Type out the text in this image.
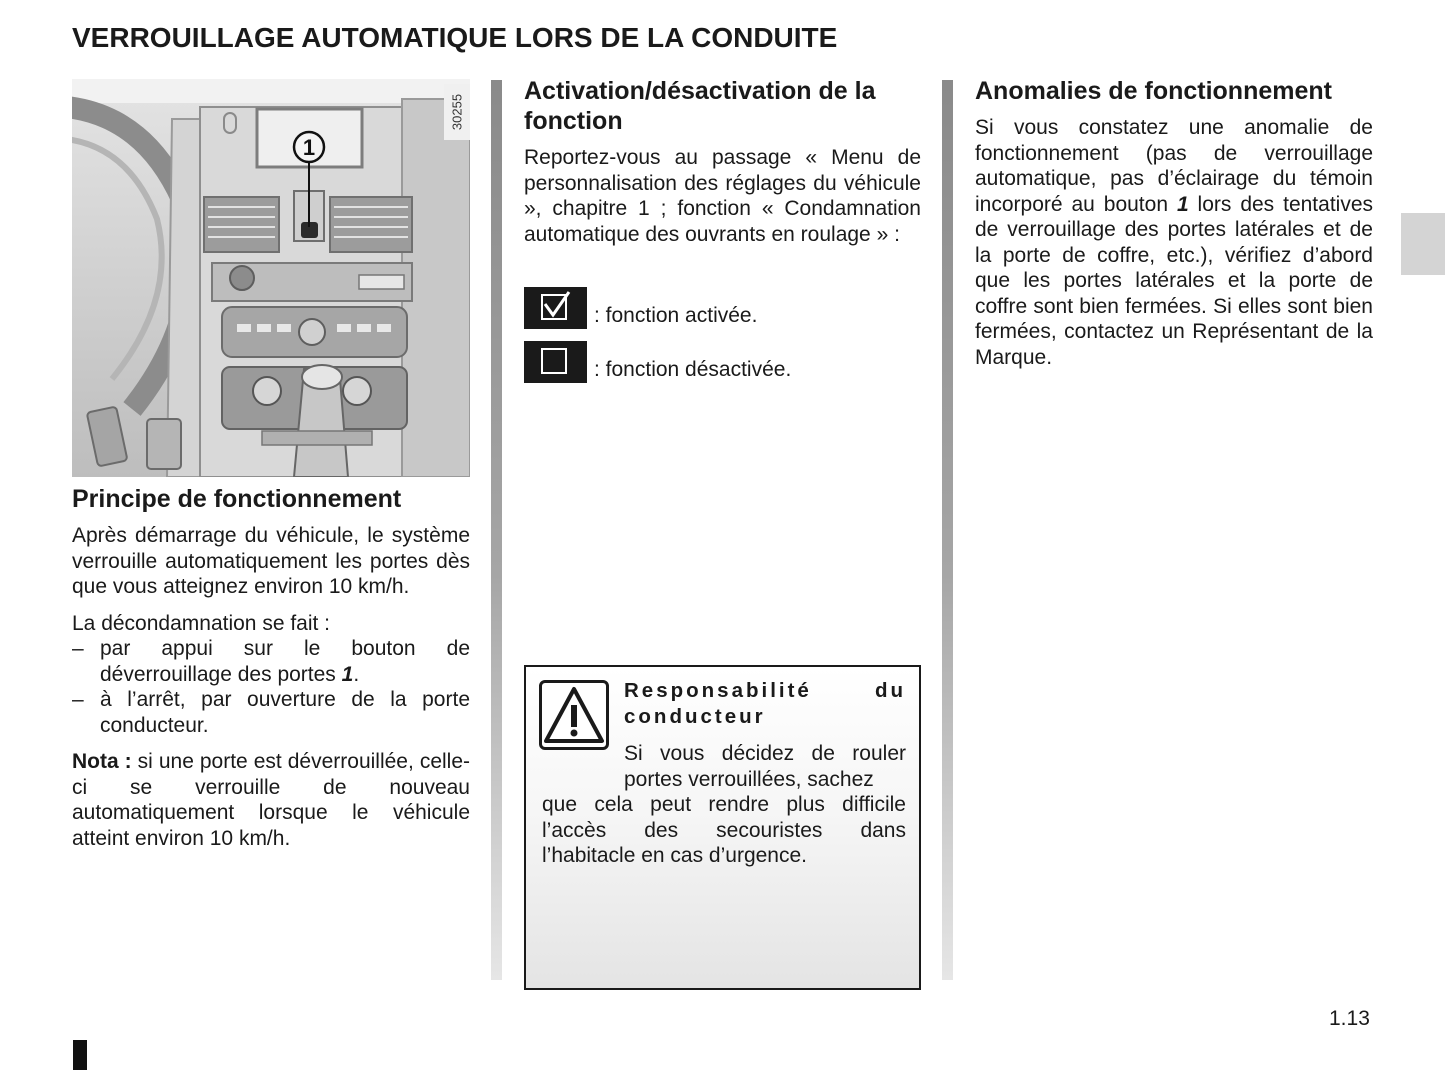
VERROUILLAGE AUTOMATIQUE LORS DE LA CONDUITE
1
30255
Principe de fonctionnement

Après démarrage du véhicule, le système verrouille automatiquement les portes dès que vous atteignez environ 10 km/h.

La décondamnation se fait :

– par appui sur le bouton de déverrouillage des portes 1.
– à l’arrêt, par ouverture de la porte conducteur.

Nota : si une porte est déverrouillée, celle-ci se verrouille de nouveau automatiquement lorsque le véhicule atteint environ 10 km/h.

Activation/désactivation de la fonction

Reportez-vous au passage « Menu de personnalisation des réglages du véhicule », chapitre 1 ; fonction « Condamnation automatique des ouvrants en roulage » :

: fonction activée.
: fonction désactivée.
Responsabilité du conducteur

Si vous décidez de rouler portes verrouillées, sachez

que cela peut rendre plus difficile l’accès des secouristes dans l’habitacle en cas d’urgence.

Anomalies de fonctionnement

Si vous constatez une anomalie de fonctionnement (pas de verrouillage automatique, pas d’éclairage du témoin incorporé au bouton 1 lors des tentatives de verrouillage des portes latérales et de la porte de coffre, etc.), vérifiez d’abord que les portes latérales et la porte de coffre sont bien fermées. Si elles sont bien fermées, contactez un Représentant de la Marque.

1.13
